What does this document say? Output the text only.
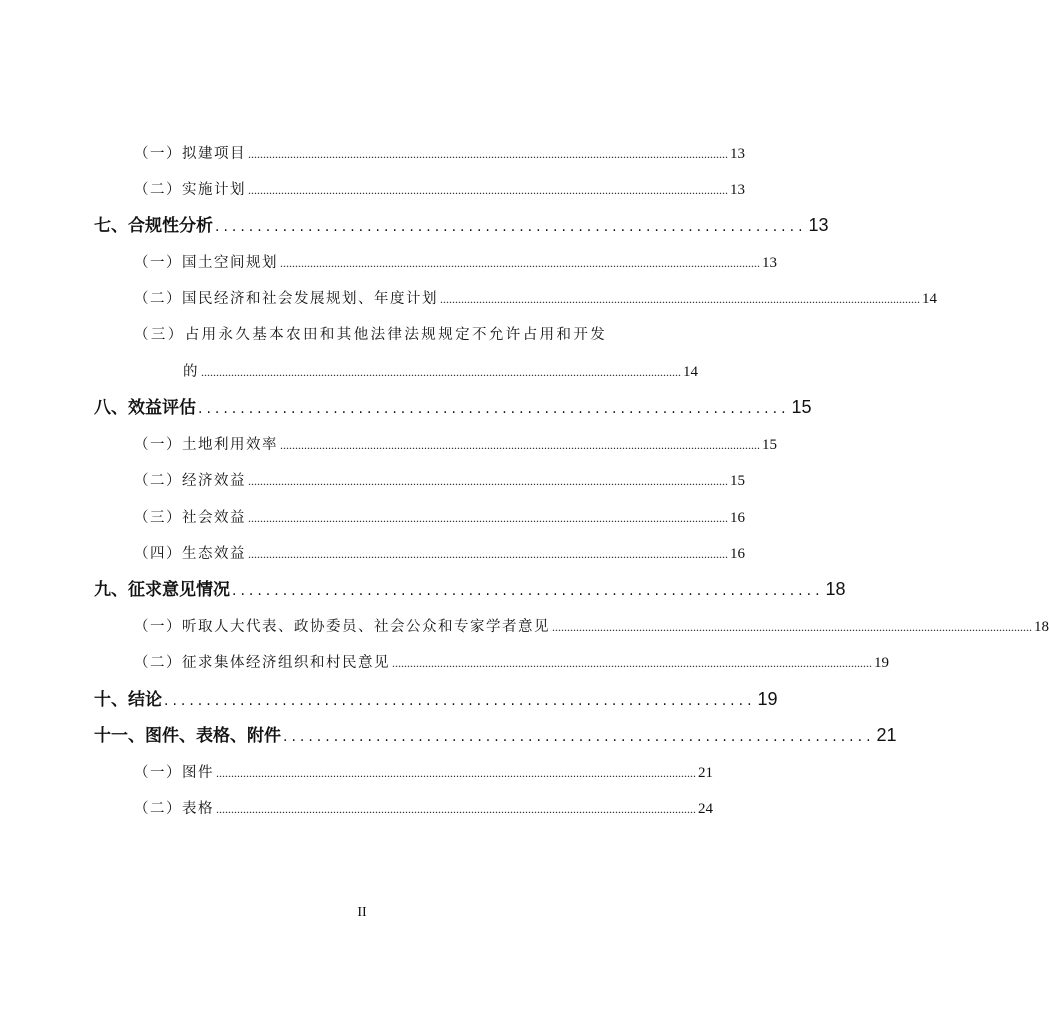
（一）拟建项目 ................................................................................................................................................................ 13
（二）实施计划 ................................................................................................................................................................ 13
七、合规性分析 ...................................................................... 13
（一）国土空间规划 ................................................................................................................................................................ 13
（二）国民经济和社会发展规划、年度计划 ................................................................................................................................................................ 14
（三）占用永久基本农田和其他法律法规规定不允许占用和开发
的 ................................................................................................................................................................ 14
八、效益评估 ...................................................................... 15
（一）土地利用效率 ................................................................................................................................................................ 15
（二）经济效益 ................................................................................................................................................................ 15
（三）社会效益 ................................................................................................................................................................ 16
（四）生态效益 ................................................................................................................................................................ 16
九、征求意见情况 ...................................................................... 18
（一）听取人大代表、政协委员、社会公众和专家学者意见 ................................................................................................................................................................ 18
（二）征求集体经济组织和村民意见 ................................................................................................................................................................ 19
十、结论 ...................................................................... 19
十一、图件、表格、附件 ...................................................................... 21
（一）图件 ................................................................................................................................................................ 21
（二）表格 ................................................................................................................................................................ 24
II
